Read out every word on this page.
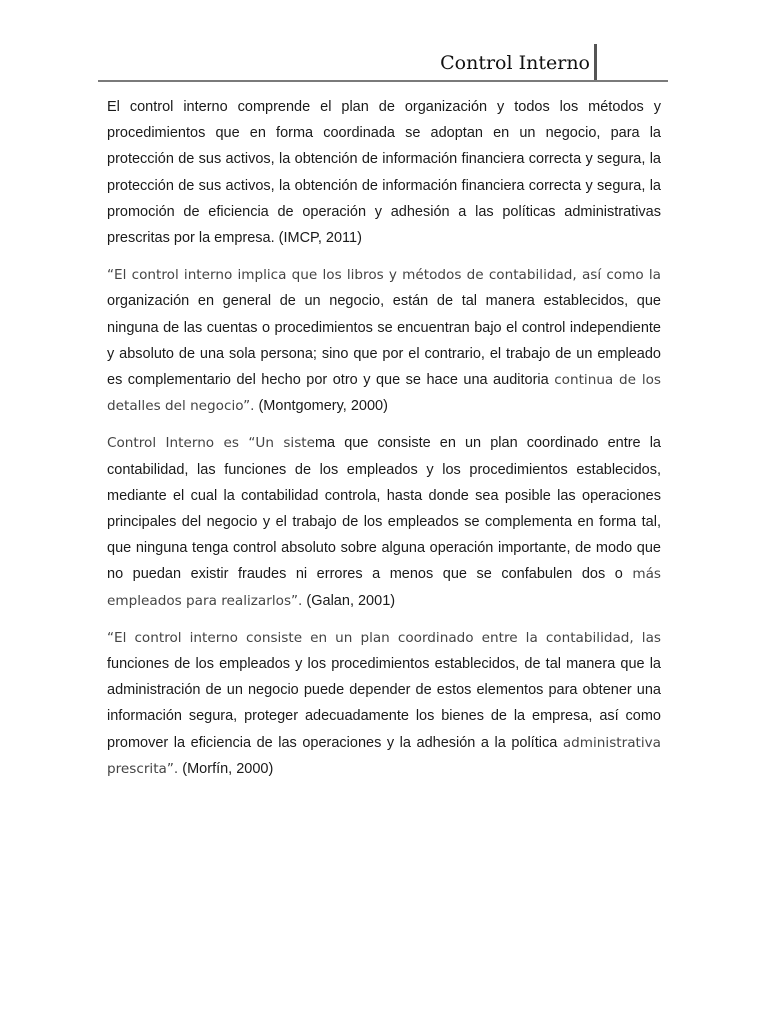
Control Interno

El control interno comprende el plan de organización y todos los métodos y procedimientos que en forma coordinada se adoptan en un negocio, para la protección de sus activos, la obtención de información financiera correcta y segura, la protección de sus activos, la obtención de información financiera correcta y segura, la promoción de eficiencia de operación y adhesión a las políticas administrativas prescritas por la empresa. (IMCP, 2011)

“El control interno implica que los libros y métodos de contabilidad, así como la organización en general de un negocio, están de tal manera establecidos, que ninguna de las cuentas o procedimientos se encuentran bajo el control independiente y absoluto de una sola persona; sino que por el contrario, el trabajo de un empleado es complementario del hecho por otro y que se hace una auditoria continua de los detalles del negocio”. (Montgomery, 2000)

Control Interno es “Un sistema que consiste en un plan coordinado entre la contabilidad, las funciones de los empleados y los procedimientos establecidos, mediante el cual la contabilidad controla, hasta donde sea posible las operaciones principales del negocio y el trabajo de los empleados se complementa en forma tal, que ninguna tenga control absoluto sobre alguna operación importante, de modo que no puedan existir fraudes ni errores a menos que se confabulen dos o más empleados para realizarlos”. (Galan, 2001)

“El control interno consiste en un plan coordinado entre la contabilidad, las funciones de los empleados y los procedimientos establecidos, de tal manera que la administración de un negocio puede depender de estos elementos para obtener una información segura, proteger adecuadamente los bienes de la empresa, así como promover la eficiencia de las operaciones y la adhesión a la política administrativa prescrita”. (Morfín, 2000)
